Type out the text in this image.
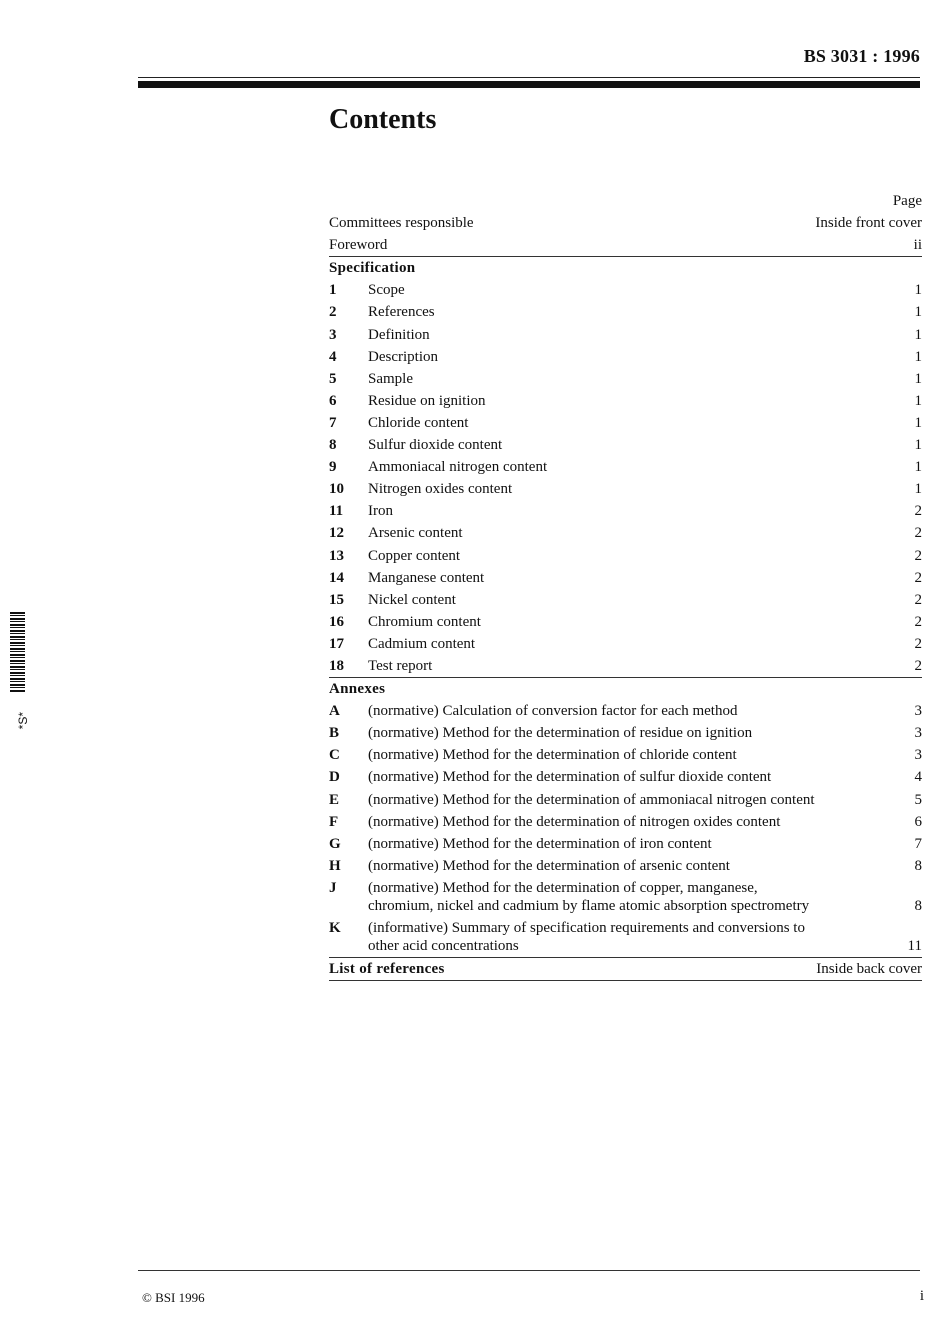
BS 3031 : 1996
Contents
Page
Committees responsible	Inside front cover
Foreword	ii
Specification
1	Scope	1
2	References	1
3	Definition	1
4	Description	1
5	Sample	1
6	Residue on ignition	1
7	Chloride content	1
8	Sulfur dioxide content	1
9	Ammoniacal nitrogen content	1
10	Nitrogen oxides content	1
11	Iron	2
12	Arsenic content	2
13	Copper content	2
14	Manganese content	2
15	Nickel content	2
16	Chromium content	2
17	Cadmium content	2
18	Test report	2
Annexes
A	(normative) Calculation of conversion factor for each method	3
B	(normative) Method for the determination of residue on ignition	3
C	(normative) Method for the determination of chloride content	3
D	(normative) Method for the determination of sulfur dioxide content	4
E	(normative) Method for the determination of ammoniacal nitrogen content	5
F	(normative) Method for the determination of nitrogen oxides content	6
G	(normative) Method for the determination of iron content	7
H	(normative) Method for the determination of arsenic content	8
J	(normative) Method for the determination of copper, manganese,
chromium, nickel and cadmium by flame atomic absorption spectrometry	8
K	(informative) Summary of specification requirements and conversions to
other acid concentrations	11
List of references	Inside back cover
*S*
© BSI 1996	i
